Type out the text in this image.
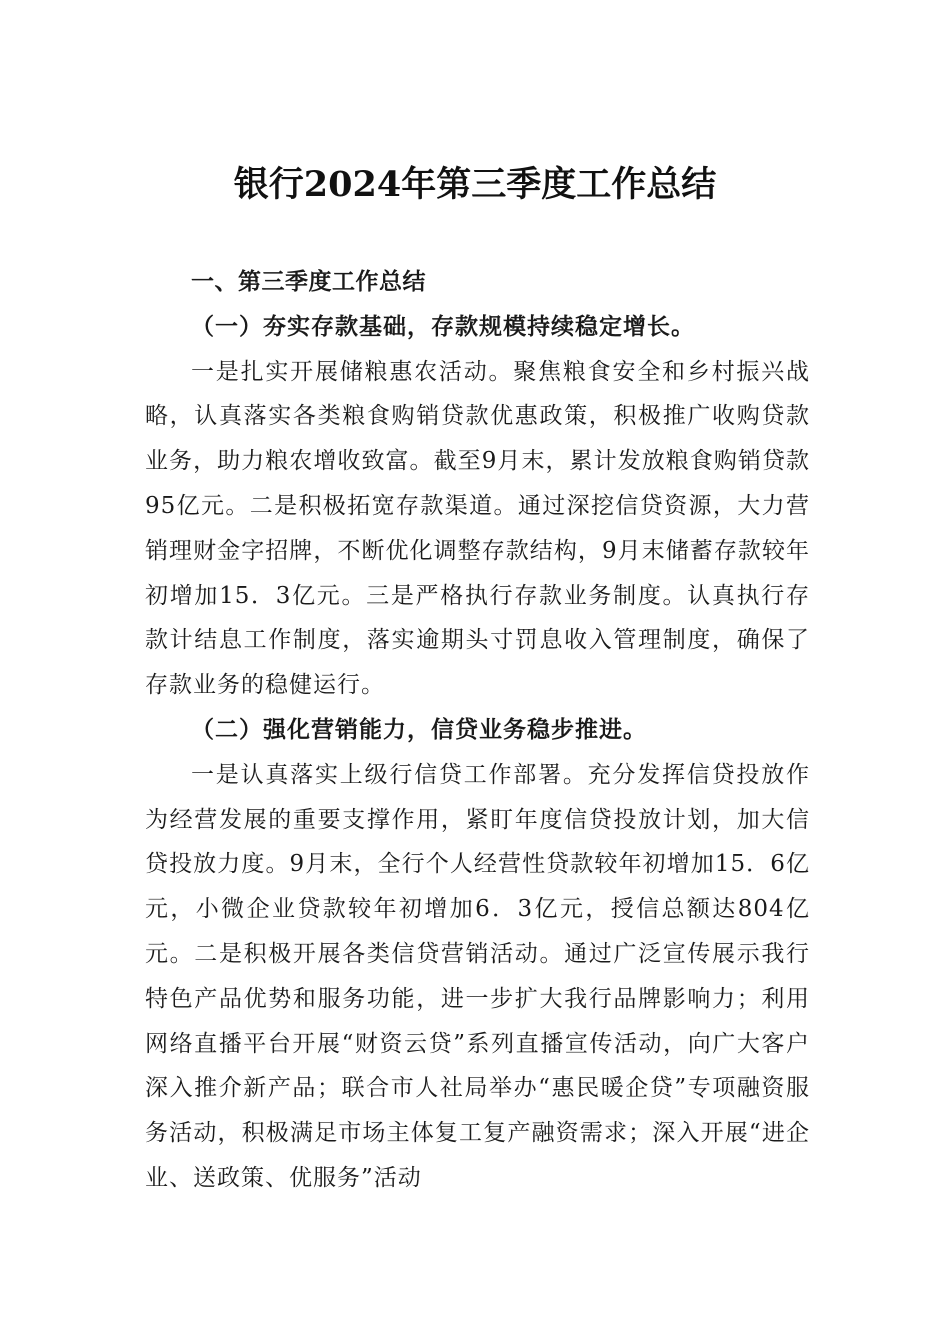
银行2024年第三季度工作总结

一、第三季度工作总结

（一）夯实存款基础，存款规模持续稳定增长。

一是扎实开展储粮惠农活动。聚焦粮食安全和乡村振兴战略，认真落实各类粮食购销贷款优惠政策，积极推广收购贷款业务，助力粮农增收致富。截至9月末，累计发放粮食购销贷款95亿元。二是积极拓宽存款渠道。通过深挖信贷资源，大力营销理财金字招牌，不断优化调整存款结构，9月末储蓄存款较年初增加15．3亿元。三是严格执行存款业务制度。认真执行存款计结息工作制度，落实逾期头寸罚息收入管理制度，确保了存款业务的稳健运行。

（二）强化营销能力，信贷业务稳步推进。

一是认真落实上级行信贷工作部署。充分发挥信贷投放作为经营发展的重要支撑作用，紧盯年度信贷投放计划，加大信贷投放力度。9月末，全行个人经营性贷款较年初增加15．6亿元，小微企业贷款较年初增加6．3亿元，授信总额达804亿元。二是积极开展各类信贷营销活动。通过广泛宣传展示我行特色产品优势和服务功能，进一步扩大我行品牌影响力；利用网络直播平台开展“财资云贷”系列直播宣传活动，向广大客户深入推介新产品；联合市人社局举办“惠民暖企贷”专项融资服务活动，积极满足市场主体复工复产融资需求；深入开展“进企业、送政策、优服务”活动
